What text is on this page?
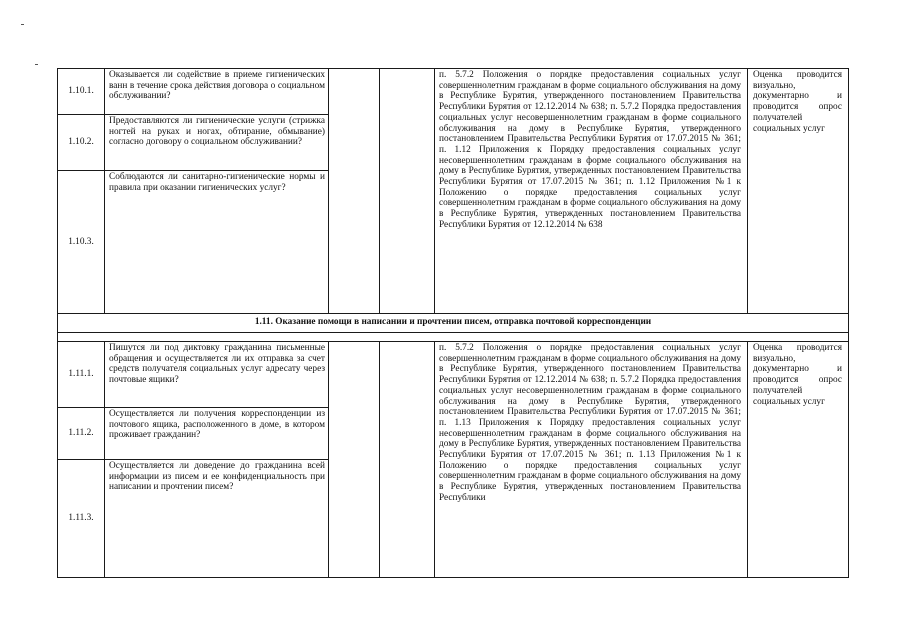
1.10.1.	Оказывается ли содействие в приеме гигиенических ванн в течение срока действия договора о социальном обслуживании?			п. 5.7.2 Положения о порядке предоставления социальных услуг совершеннолетним гражданам в форме социального обслуживания на дому в Республике Бурятия, утвержденного постановлением Правительства Республики Бурятия от 12.12.2014 № 638; п. 5.7.2 Порядка предоставления социальных услуг несовершеннолетним гражданам в форме социального обслуживания на дому в Республике Бурятия, утвержденного постановлением Правительства Республики Бурятия от 17.07.2015 № 361; п. 1.12 Приложения к Порядку предоставления социальных услуг несовершеннолетним гражданам в форме социального обслуживания на дому в Республике Бурятия, утвержденных постановлением Правительства Республики Бурятия от 17.07.2015 № 361; п. 1.12 Приложения №1 к Положению о порядке предоставления социальных услуг совершеннолетним гражданам в форме социального обслуживания на дому в Республике Бурятия, утвержденных постановлением Правительства Республики Бурятия от 12.12.2014 № 638	Оценка проводится визуально, документарно и проводится опрос получателей социальных услуг
1.10.2.	Предоставляются ли гигиенические услуги (стрижка ногтей на руках и ногах, обтирание, обмывание) согласно договору о социальном обслуживании?				
1.10.3.	Соблюдаются ли санитарно-гигиенические нормы и правила при оказании гигиенических услуг?				
1.11. Оказание помощи в написании и прочтении писем, отправка почтовой корреспонденции					

1.11.1.	Пишутся ли под диктовку гражданина письменные обращения и осуществляется ли их отправка за счет средств получателя социальных услуг адресату через почтовые ящики?			п. 5.7.2 Положения о порядке предоставления социальных услуг совершеннолетним гражданам в форме социального обслуживания на дому в Республике Бурятия, утвержденного постановлением Правительства Республики Бурятия от 12.12.2014 № 638; п. 5.7.2 Порядка предоставления социальных услуг несовершеннолетним гражданам в форме социального обслуживания на дому в Республике Бурятия, утвержденного постановлением Правительства Республики Бурятия от 17.07.2015 № 361; п. 1.13 Приложения к Порядку предоставления социальных услуг несовершеннолетним гражданам в форме социального обслуживания на дому в Республике Бурятия, утвержденных постановлением Правительства Республики Бурятия от 17.07.2015 № 361; п. 1.13 Приложения №1 к Положению о порядке предоставления социальных услуг совершеннолетним гражданам в форме социального обслуживания на дому в Республике Бурятия, утвержденных постановлением Правительства Республики	Оценка проводится визуально, документарно и проводится опрос получателей социальных услуг
1.11.2.	Осуществляется ли получения корреспонденции из почтового ящика, расположенного в доме, в котором проживает гражданин?				
1.11.3.	Осуществляется ли доведение до гражданина всей информации из писем и ее конфиденциальность при написании и прочтении писем?				
